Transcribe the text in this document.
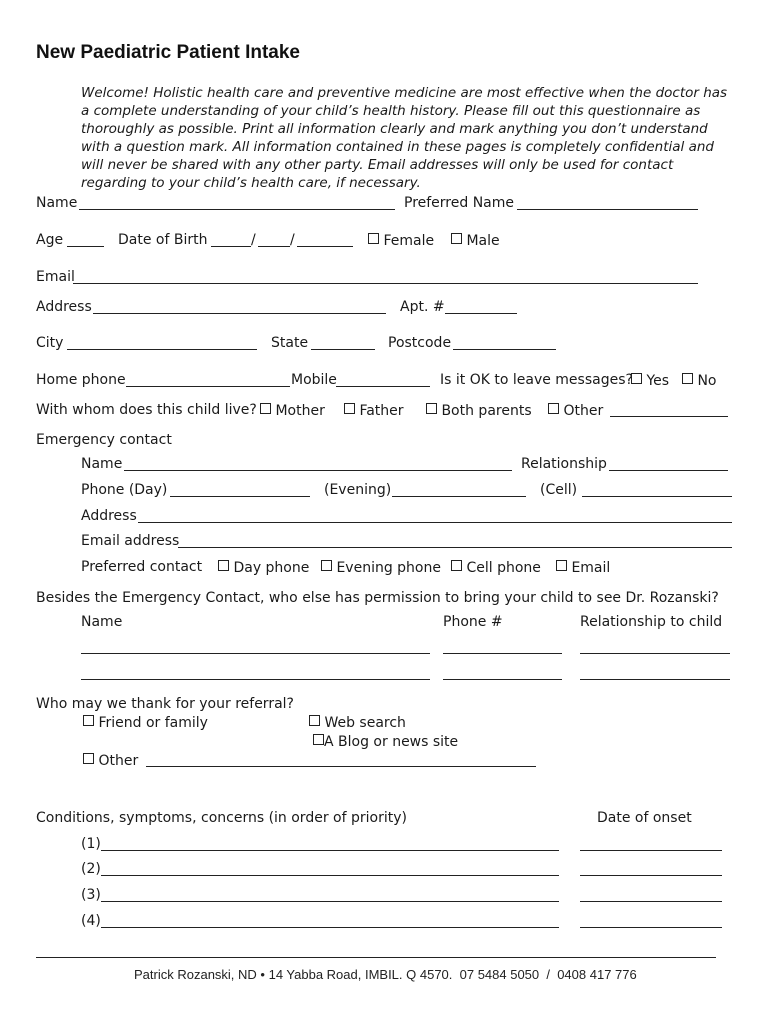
New Paediatric Patient Intake
Welcome! Holistic health care and preventive medicine are most effective when the doctor has a complete understanding of your child’s health history. Please fill out this questionnaire as thoroughly as possible. Print all information clearly and mark anything you don’t understand with a question mark. All information contained in these pages is completely confidential and will never be shared with any other party. Email addresses will only be used for contact regarding to your child’s health care, if necessary.
Name	Preferred Name
Age	Date of Birth	/ /	Female	Male
Email
Address	Apt. #
City	State	Postcode
Home phone	Mobile	Is it OK to leave messages? Yes	No
With whom does this child live?	Mother	Father	Both parents	Other
Emergency contact
Name	Relationship
Phone (Day)	(Evening)	(Cell)
Address
Email address
Preferred contact	Day phone	Evening phone	Cell phone	Email
Besides the Emergency Contact, who else has permission to bring your child to see Dr. Rozanski?
Name	Phone #	Relationship to child
Who may we thank for your referral?
Friend or family	Web search
A Blog or news site
Other
Conditions, symptoms, concerns (in order of priority)	Date of onset
(1)
(2)
(3)
(4)
Patrick Rozanski, ND • 14 Yabba Road, IMBIL. Q 4570.  07 5484 5050  /  0408 417 776
